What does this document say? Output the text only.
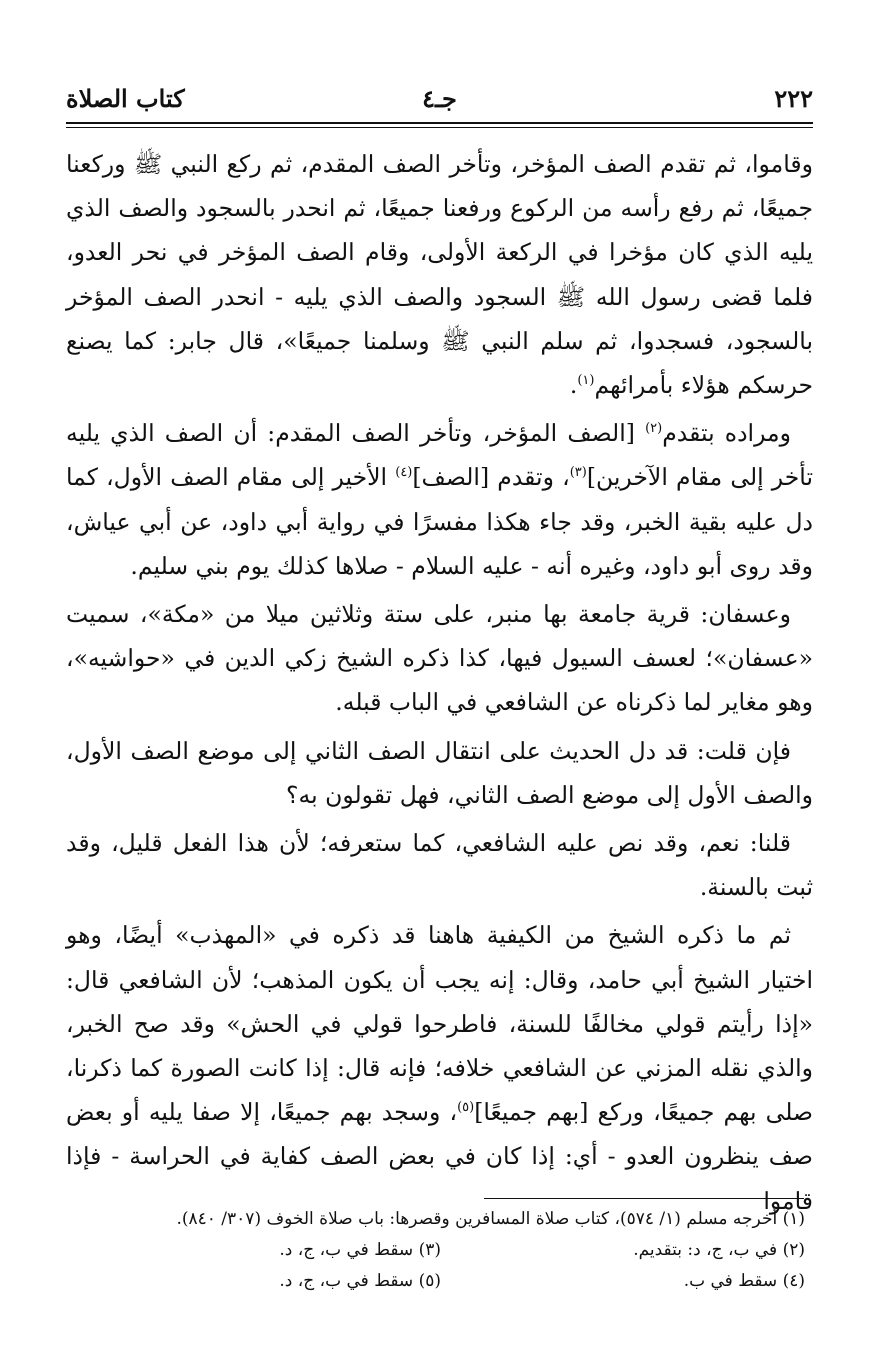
٢٢٢
جـ٤
كتاب الصلاة

وقاموا، ثم تقدم الصف المؤخر، وتأخر الصف المقدم، ثم ركع النبي ﷺ وركعنا جميعًا، ثم رفع رأسه من الركوع ورفعنا جميعًا، ثم انحدر بالسجود والصف الذي يليه الذي كان مؤخرا في الركعة الأولى، وقام الصف المؤخر في نحر العدو، فلما قضى رسول الله ﷺ السجود والصف الذي يليه - انحدر الصف المؤخر بالسجود، فسجدوا، ثم سلم النبي ﷺ وسلمنا جميعًا»، قال جابر: كما يصنع حرسكم هؤلاء بأمرائهم$^{(١)}$.

ومراده بتقدم$^{(٢)}$ [الصف المؤخر، وتأخر الصف المقدم: أن الصف الذي يليه تأخر إلى مقام الآخرين]$^{(٣)}$، وتقدم [الصف]$^{(٤)}$ الأخير إلى مقام الصف الأول، كما دل عليه بقية الخبر، وقد جاء هكذا مفسرًا في رواية أبي داود، عن أبي عياش، وقد روى أبو داود، وغيره أنه - عليه السلام - صلاها كذلك يوم بني سليم.

وعسفان: قرية جامعة بها منبر، على ستة وثلاثين ميلا من «مكة»، سميت «عسفان»؛ لعسف السيول فيها، كذا ذكره الشيخ زكي الدين في «حواشيه»، وهو مغاير لما ذكرناه عن الشافعي في الباب قبله.

فإن قلت: قد دل الحديث على انتقال الصف الثاني إلى موضع الصف الأول، والصف الأول إلى موضع الصف الثاني، فهل تقولون به؟

قلنا: نعم، وقد نص عليه الشافعي، كما ستعرفه؛ لأن هذا الفعل قليل، وقد ثبت بالسنة.

ثم ما ذكره الشيخ من الكيفية هاهنا قد ذكره في «المهذب» أيضًا، وهو اختيار الشيخ أبي حامد، وقال: إنه يجب أن يكون المذهب؛ لأن الشافعي قال: «إذا رأيتم قولي مخالفًا للسنة، فاطرحوا قولي في الحش» وقد صح الخبر، والذي نقله المزني عن الشافعي خلافه؛ فإنه قال: إذا كانت الصورة كما ذكرنا، صلى بهم جميعًا، وركع [بهم جميعًا]$^{(٥)}$، وسجد بهم جميعًا، إلا صفا يليه أو بعض صف ينظرون العدو - أي: إذا كان في بعض الصف كفاية في الحراسة - فإذا قاموا

(١) أخرجه مسلم (١/ ٥٧٤)، كتاب صلاة المسافرين وقصرها: باب صلاة الخوف (٣٠٧/ ٨٤٠).
(٢) في ب، ج، د: بتقديم.
(٣) سقط في ب، ج، د.
(٤) سقط في ب.
(٥) سقط في ب، ج، د.
